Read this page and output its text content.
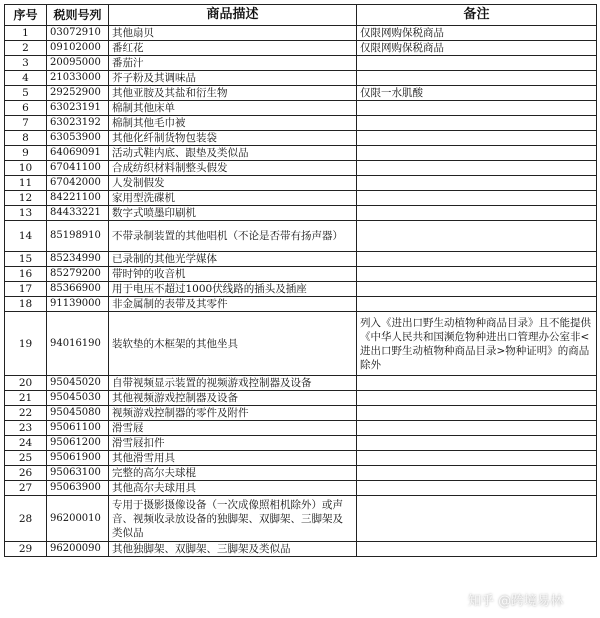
序号	税则号列	商品描述	备注
1	03072910	其他扇贝	仅限网购保税商品
2	09102000	番红花	仅限网购保税商品
3	20095000	番茄汁	
4	21033000	芥子粉及其调味品	
5	29252900	其他亚胺及其盐和衍生物	仅限一水肌酸
6	63023191	棉制其他床单	
7	63023192	棉制其他毛巾被	
8	63053900	其他化纤制货物包装袋	
9	64069091	活动式鞋内底、跟垫及类似品	
10	67041100	合成纺织材料制整头假发	
11	67042000	人发制假发	
12	84221100	家用型洗碟机	
13	84433221	数字式喷墨印刷机	
14	85198910	不带录制装置的其他唱机（不论是否带有扬声器）	
15	85234990	已录制的其他光学媒体	
16	85279200	带时钟的收音机	
17	85366900	用于电压不超过1000伏线路的插头及插座	
18	91139000	非金属制的表带及其零件	
19	94016190	装软垫的木框架的其他坐具	列入《进出口野生动植物种商品目录》且不能提供《中华人民共和国濒危物种进出口管理办公室非<进出口野生动植物种商品目录>物种证明》的商品除外
20	95045020	自带视频显示装置的视频游戏控制器及设备	
21	95045030	其他视频游戏控制器及设备	
22	95045080	视频游戏控制器的零件及附件	
23	95061100	滑雪屐	
24	95061200	滑雪屐扣件	
25	95061900	其他滑雪用具	
26	95063100	完整的高尔夫球棍	
27	95063900	其他高尔夫球用具	
28	96200010	专用于摄影摄像设备（一次成像照相机除外）或声音、视频收录放设备的独脚架、双脚架、三脚架及类似品	
29	96200090	其他独脚架、双脚架、三脚架及类似品	
知乎 @跨境易林
